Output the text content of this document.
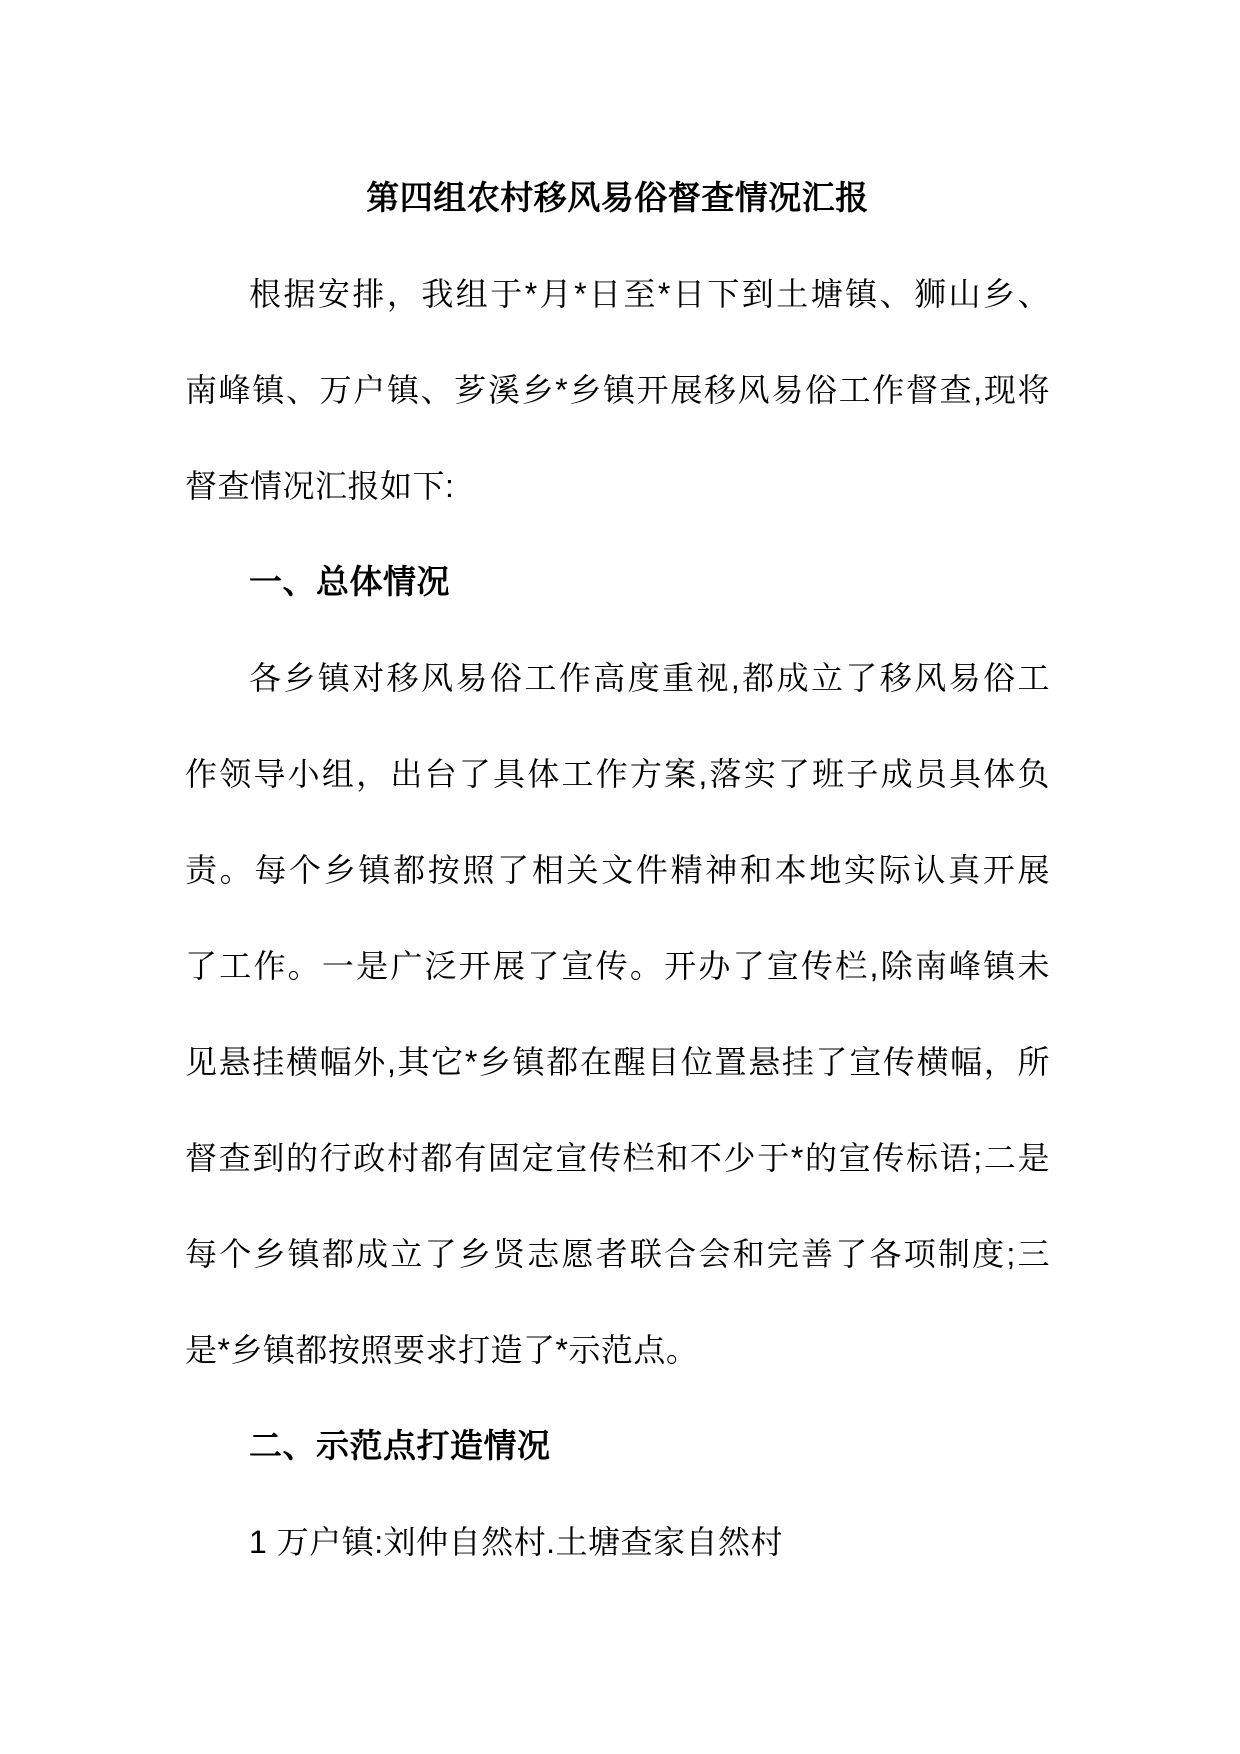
第四组农村移风易俗督查情况汇报
根据安排，我组于*月*日至*日下到土塘镇、狮山乡、
南峰镇、万户镇、芗溪乡*乡镇开展移风易俗工作督查,现将
督查情况汇报如下:
一、总体情况
各乡镇对移风易俗工作高度重视,都成立了移风易俗工
作领导小组，出台了具体工作方案,落实了班子成员具体负
责。每个乡镇都按照了相关文件精神和本地实际认真开展
了工作。一是广泛开展了宣传。开办了宣传栏,除南峰镇未
见悬挂横幅外,其它*乡镇都在醒目位置悬挂了宣传横幅，所
督查到的行政村都有固定宣传栏和不少于*的宣传标语;二是
每个乡镇都成立了乡贤志愿者联合会和完善了各项制度;三
是*乡镇都按照要求打造了*示范点。
二、示范点打造情况
1 万户镇:刘仲自然村.土塘查家自然村
